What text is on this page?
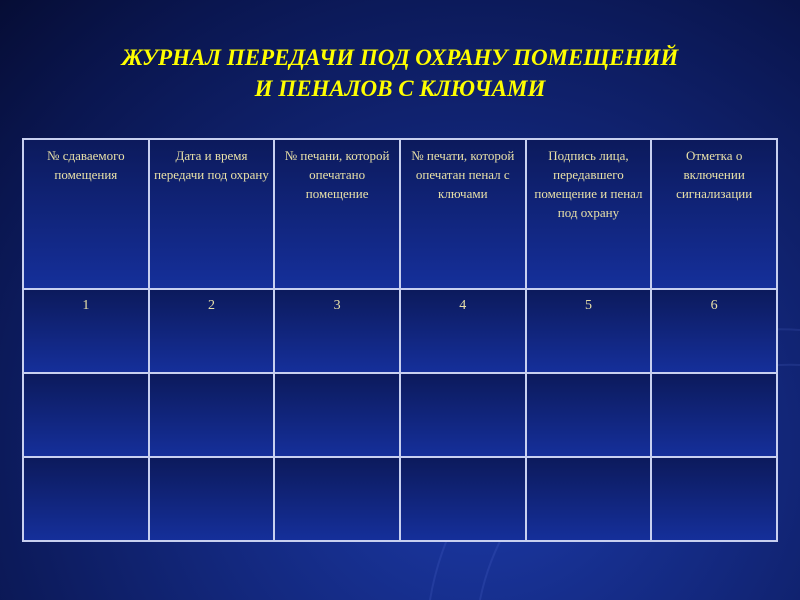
ЖУРНАЛ ПЕРЕДАЧИ ПОД ОХРАНУ ПОМЕЩЕНИЙ
И ПЕНАЛОВ С КЛЮЧАМИ
№ сдаваемого помещения	Дата и время передачи под охрану	№ печани, которой опечатано помещение	№ печати, которой опечатан пенал с ключами	Подпись лица, передавшего помещение и пенал под охрану	Отметка о включении сигнализации
1	2	3	4	5	6
